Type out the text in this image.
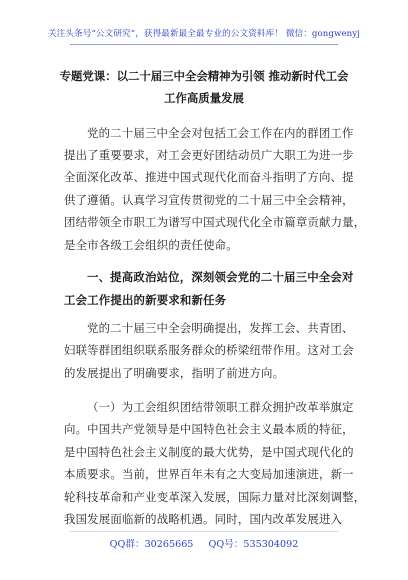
关注头条号“公文研究”，获得最新最全最专业的公文资料库！ 微信：gongwenyj
专题党课：以二十届三中全会精神为引领 推动新时代工会
工作高质量发展
党的二十届三中全会对包括工会工作在内的群团工作
提出了重要要求，对工会更好团结动员广大职工为进一步
全面深化改革、推进中国式现代化而奋斗指明了方向、提
供了遵循。认真学习宣传贯彻党的二十届三中全会精神，
团结带领全市职工为谱写中国式现代化全市篇章贡献力量，
是全市各级工会组织的责任使命。
一、提高政治站位，深刻领会党的二十届三中全会对
工会工作提出的新要求和新任务
党的二十届三中全会明确提出，发挥工会、共青团、
妇联等群团组织联系服务群众的桥梁纽带作用。这对工会
的发展提出了明确要求，指明了前进方向。
（一）为工会组织团结带领职工群众拥护改革举旗定
向。中国共产党领导是中国特色社会主义最本质的特征，
是中国特色社会主义制度的最大优势，是中国式现代化的
本质要求。当前，世界百年未有之大变局加速演进，新一
轮科技革命和产业变革深入发展，国际力量对比深刻调整，
我国发展面临新的战略机遇。同时，国内改革发展进入
QQ群：30265665 QQ号：535304092
